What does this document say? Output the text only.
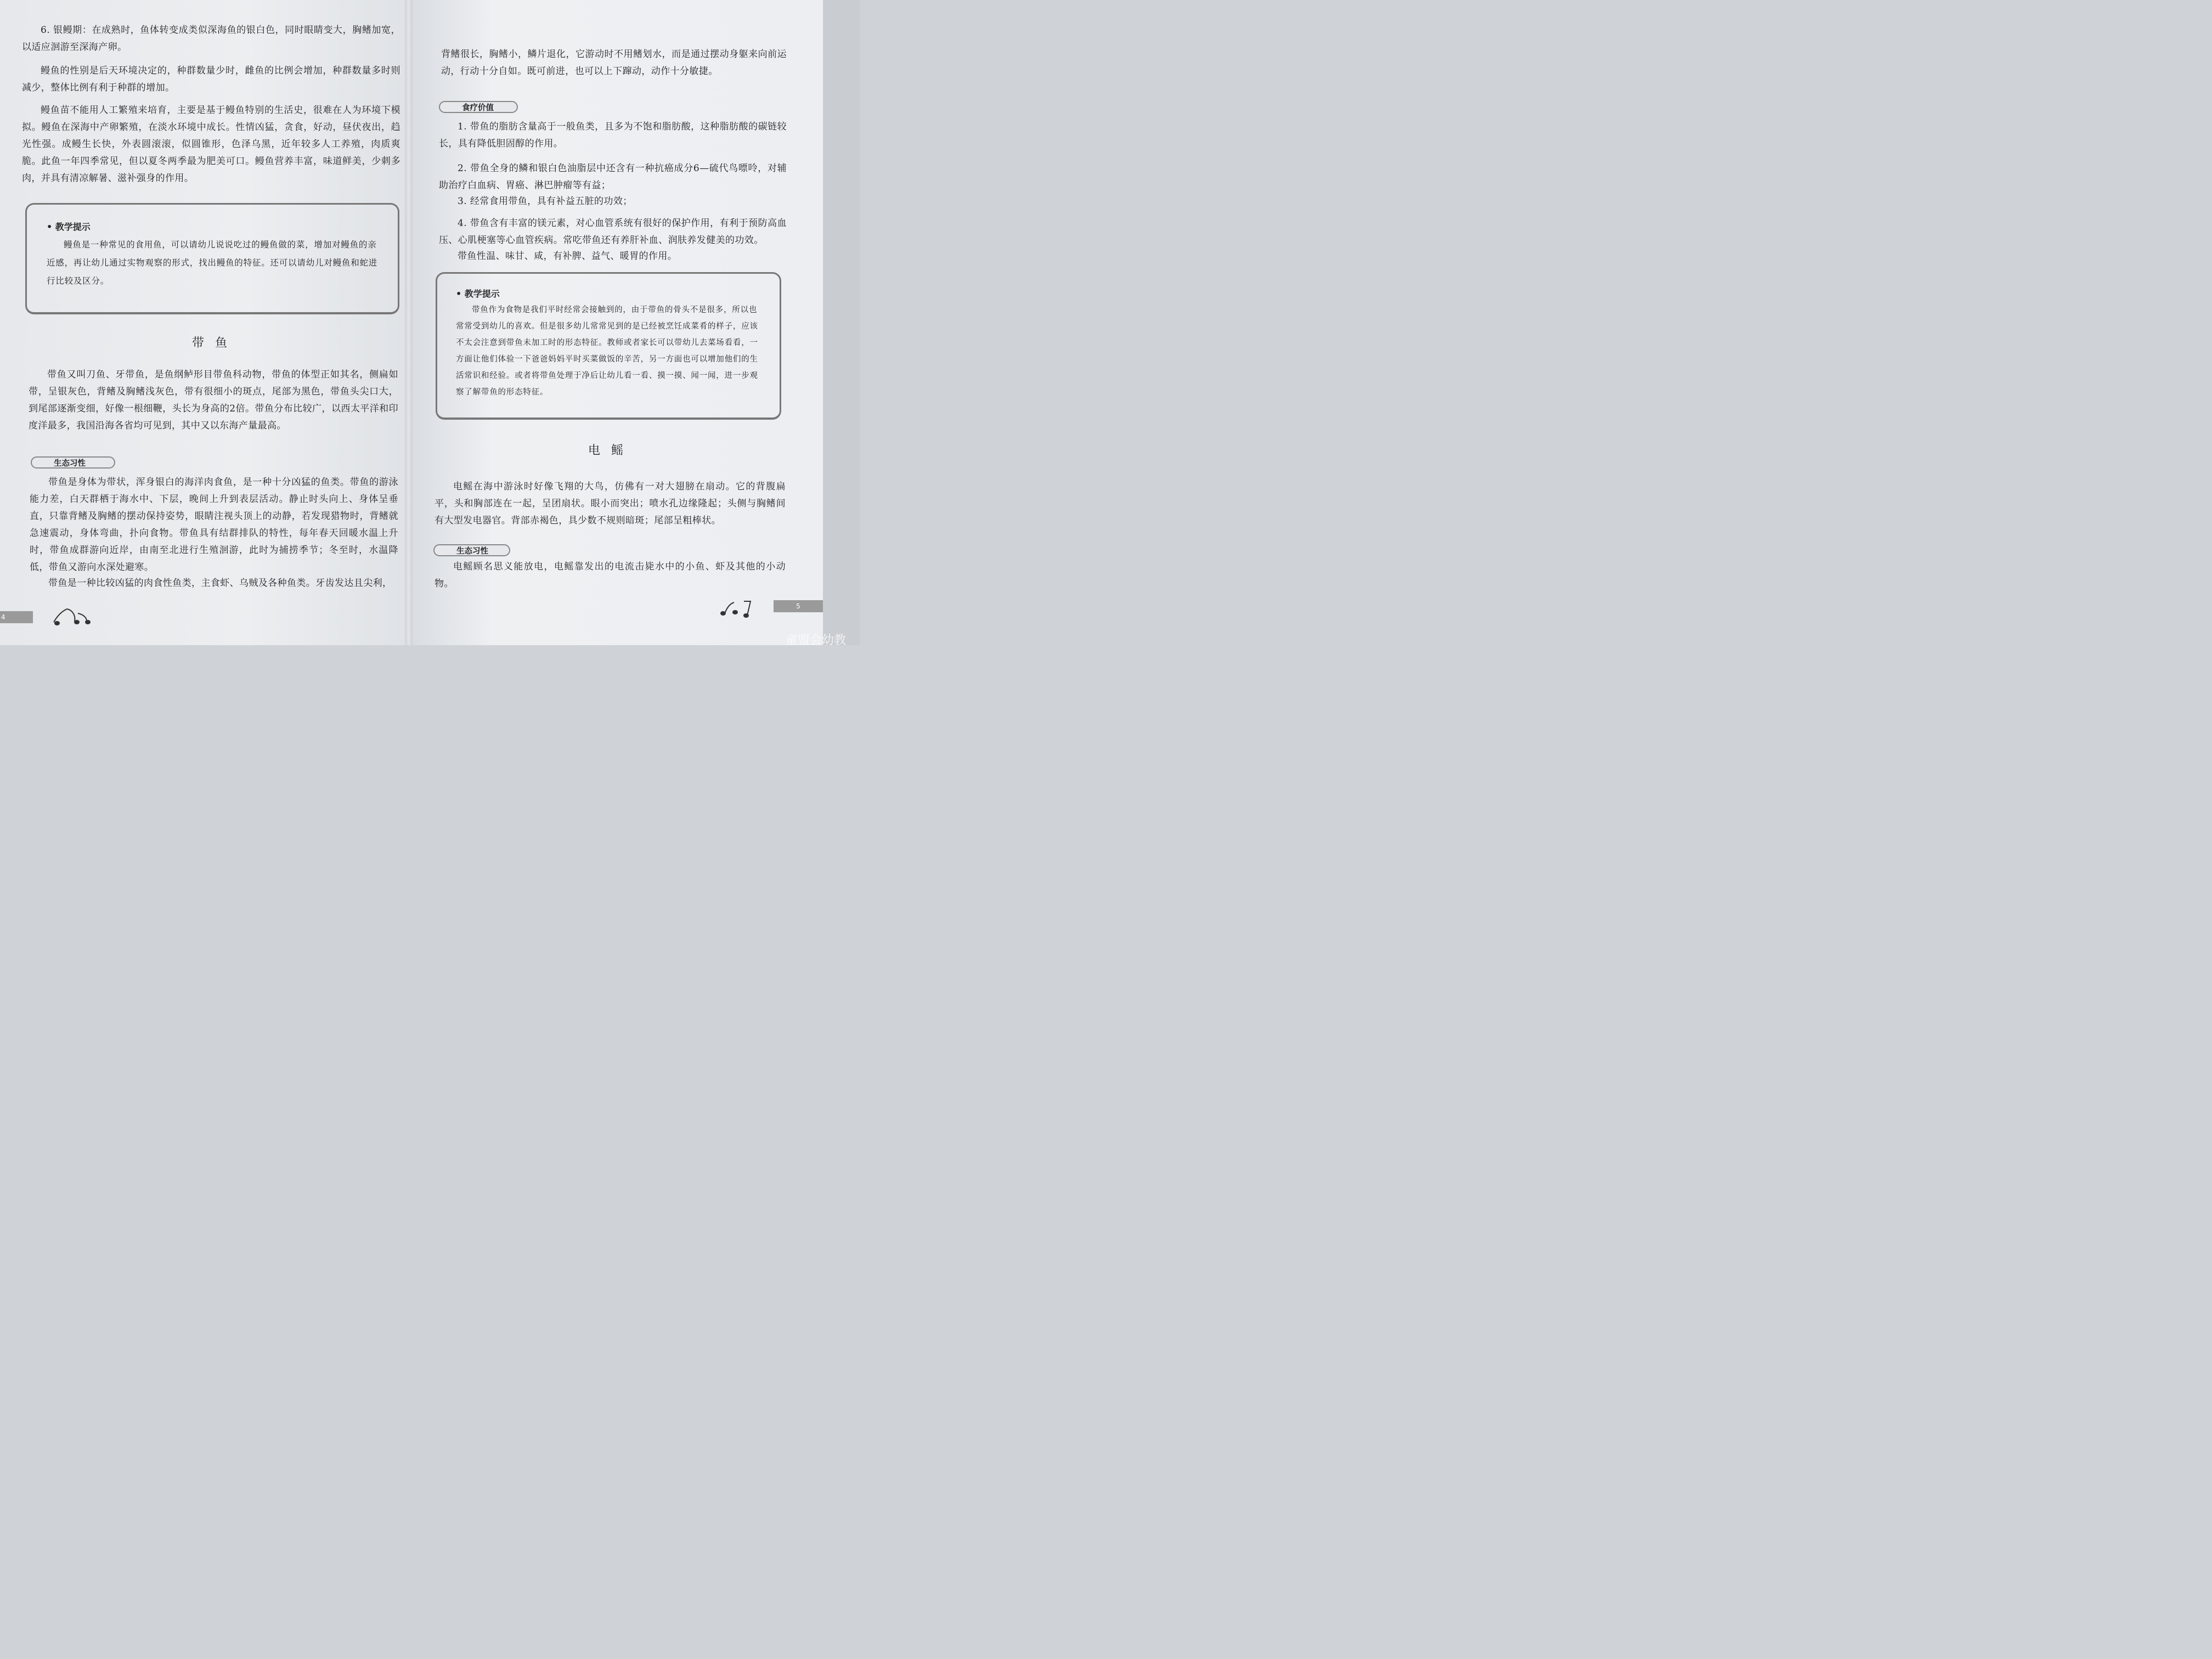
6. 银鳗期：在成熟时，鱼体转变成类似深海鱼的银白色，同时眼睛变大，胸鳍加宽，以适应洄游至深海产卵。

鳗鱼的性别是后天环境决定的，种群数量少时，雌鱼的比例会增加，种群数量多时则减少，整体比例有利于种群的增加。

鳗鱼苗不能用人工繁殖来培育，主要是基于鳗鱼特别的生活史，很难在人为环境下模拟。鳗鱼在深海中产卵繁殖，在淡水环境中成长。性情凶猛，贪食，好动，昼伏夜出，趋光性强。成鳗生长快，外表圆滚滚，似圆锥形，色泽乌黑，近年较多人工养殖，肉质爽脆。此鱼一年四季常见，但以夏冬两季最为肥美可口。鳗鱼营养丰富，味道鲜美，少刺多肉，并具有清凉解暑、滋补强身的作用。

• 教学提示

鳗鱼是一种常见的食用鱼，可以请幼儿说说吃过的鳗鱼做的菜，增加对鳗鱼的亲近感，再让幼儿通过实物观察的形式，找出鳗鱼的特征。还可以请幼儿对鳗鱼和蛇进行比较及区分。

带鱼

带鱼又叫刀鱼、牙带鱼，是鱼纲鲈形目带鱼科动物，带鱼的体型正如其名，侧扁如带，呈银灰色，背鳍及胸鳍浅灰色，带有很细小的斑点，尾部为黑色，带鱼头尖口大，到尾部逐渐变细，好像一根细鞭，头长为身高的2倍。带鱼分布比较广，以西太平洋和印度洋最多，我国沿海各省均可见到，其中又以东海产量最高。

生态习性

带鱼是身体为带状，浑身银白的海洋肉食鱼，是一种十分凶猛的鱼类。带鱼的游泳能力差，白天群栖于海水中、下层，晚间上升到表层活动。静止时头向上、身体呈垂直，只靠背鳍及胸鳍的摆动保持姿势，眼睛注视头顶上的动静，若发现猎物时，背鳍就急速震动，身体弯曲，扑向食物。带鱼具有结群排队的特性，每年春天回暖水温上升时，带鱼成群游向近岸，由南至北进行生殖洄游，此时为捕捞季节；冬至时，水温降低，带鱼又游向水深处避寒。

带鱼是一种比较凶猛的肉食性鱼类，主食虾、乌贼及各种鱼类。牙齿发达且尖利，

4

背鳍很长，胸鳍小，鳞片退化，它游动时不用鳍划水，而是通过摆动身躯来向前运动，行动十分自如。既可前进，也可以上下蹿动，动作十分敏捷。

食疗价值

1. 带鱼的脂肪含量高于一般鱼类，且多为不饱和脂肪酸，这种脂肪酸的碳链较长，具有降低胆固醇的作用。

2. 带鱼全身的鳞和银白色油脂层中还含有一种抗癌成分6—硫代鸟嘌呤，对辅助治疗白血病、胃癌、淋巴肿瘤等有益；

3. 经常食用带鱼，具有补益五脏的功效；

4. 带鱼含有丰富的镁元素，对心血管系统有很好的保护作用，有利于预防高血压、心肌梗塞等心血管疾病。常吃带鱼还有养肝补血、润肤养发健美的功效。

带鱼性温、味甘、咸，有补脾、益气、暖胃的作用。

• 教学提示

带鱼作为食物是我们平时经常会接触到的，由于带鱼的骨头不是很多，所以也常常受到幼儿的喜欢。但是很多幼儿常常见到的是已经被烹饪成菜肴的样子，应该不太会注意到带鱼未加工时的形态特征。教师或者家长可以带幼儿去菜场看看，一方面让他们体验一下爸爸妈妈平时买菜做饭的辛苦，另一方面也可以增加他们的生活常识和经验。或者将带鱼处理于净后让幼儿看一看、摸一摸、闻一闻，进一步观察了解带鱼的形态特征。

电鳐

电鳐在海中游泳时好像飞翔的大鸟，仿佛有一对大翅膀在扇动。它的背腹扁平，头和胸部连在一起，呈团扇状。眼小而突出；喷水孔边缘隆起；头侧与胸鳍间有大型发电器官。背部赤褐色，具少数不规则暗斑；尾部呈粗棒状。

生态习性

电鳐顾名思义能放电，电鳐靠发出的电流击毙水中的小鱼、虾及其他的小动物。

5
童盟会幼教
